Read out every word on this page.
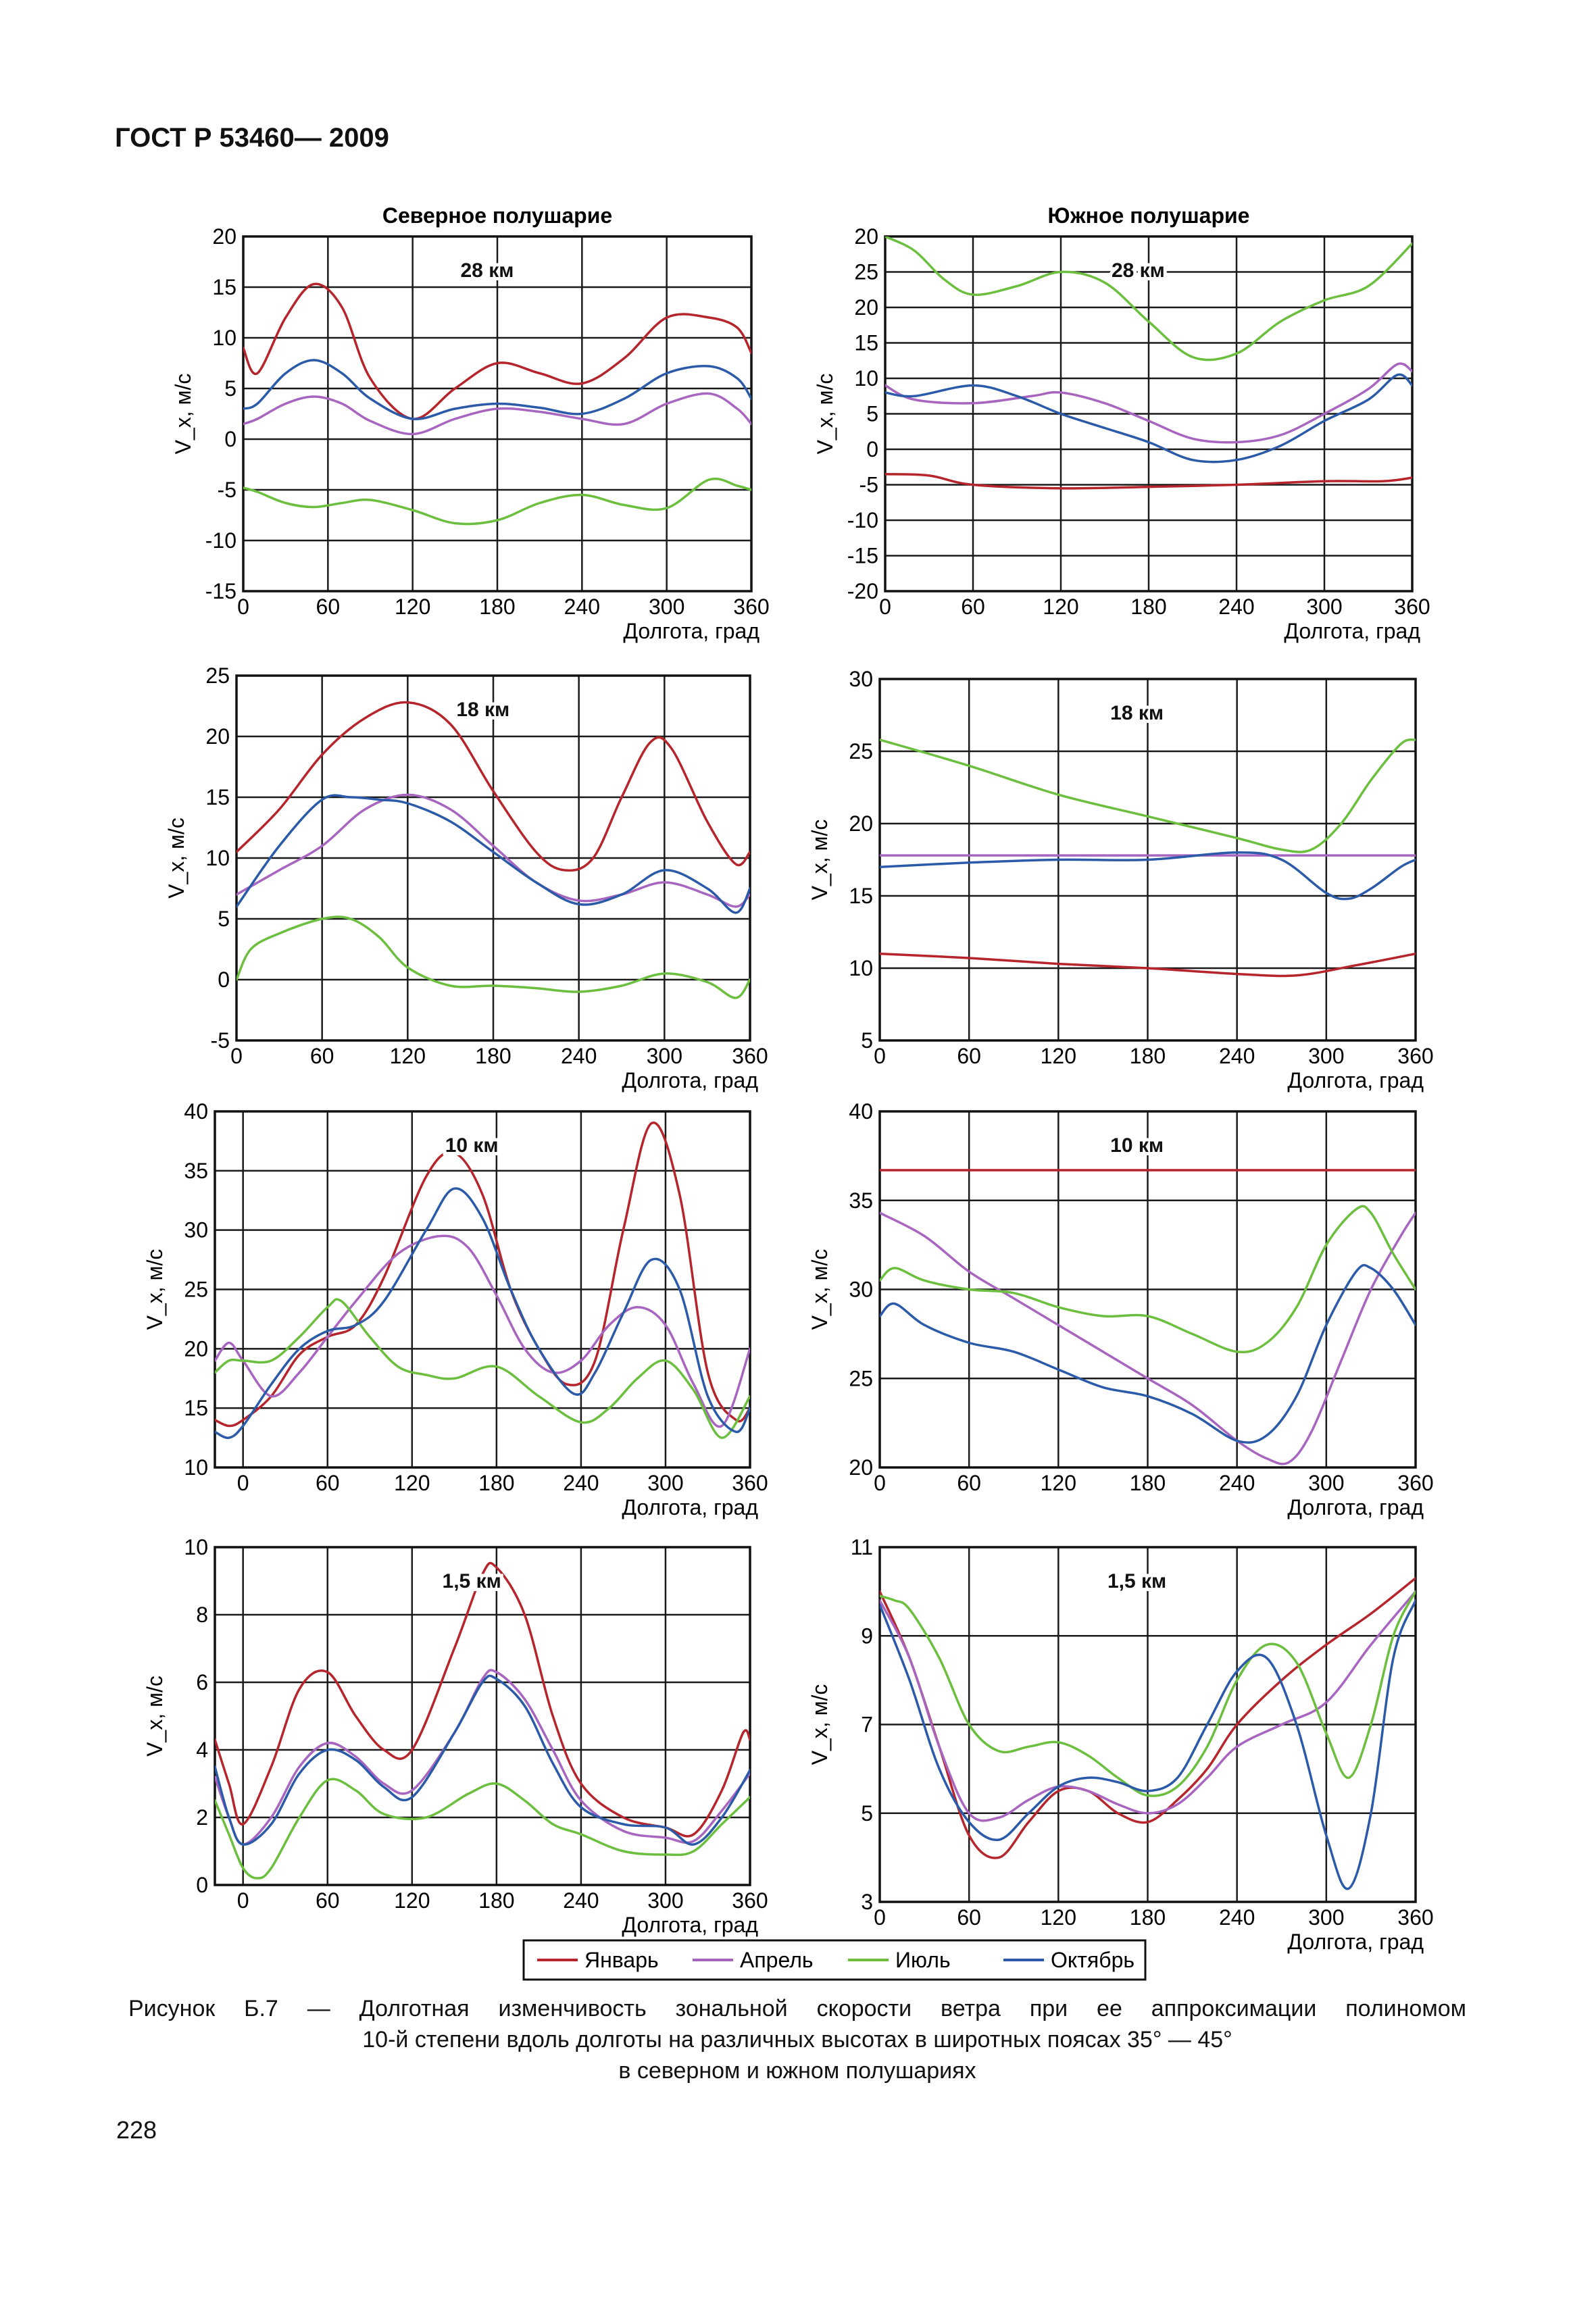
ГОСТ Р 53460— 2009
20
15
10
5
0
-5
-10
-15
0	60	120 180 240 300 360
Долгота, град
V_x, м/с
Северное полушарие
28 км
20
25
20
15
10
5
0
-5
-10
-15
-20
0	60	120 180 240 300 360
Долгота, град
V_x, м/с
Южное полушарие
28 км
25
20
15
10
5
0
-5
0	60	120 180 240 300 360
Долгота, град
V_x, м/с
18 км
30
25
20
15
10
5
0	60	120 180 240 300 360
Долгота, град
V_x, м/с
18 км
40
35
30
25
20
15
10
0	60	120 180 240 300 360
Долгота, град
V_x, м/с
10 км
40
35
30
25
20
0	60	120 180 240 300 360
Долгота, град
V_x, м/с
10 км
10
8
6
4
2
0
0	60	120 180 240 300 360
Долгота, град
V_x, м/с
1,5 км
11
9
7
5
3
0	60	120 180 240 300 360
Долгота, град
V_x, м/с
1,5 км
Январь	Апрель	Июль	Октябрь
Рисунок Б.7 — Долготная изменчивость зональной скорости ветра при ее аппроксимации полиномом
10-й степени вдоль долготы на различных высотах в широтных поясах 35° — 45°
в северном и южном полушариях
228
